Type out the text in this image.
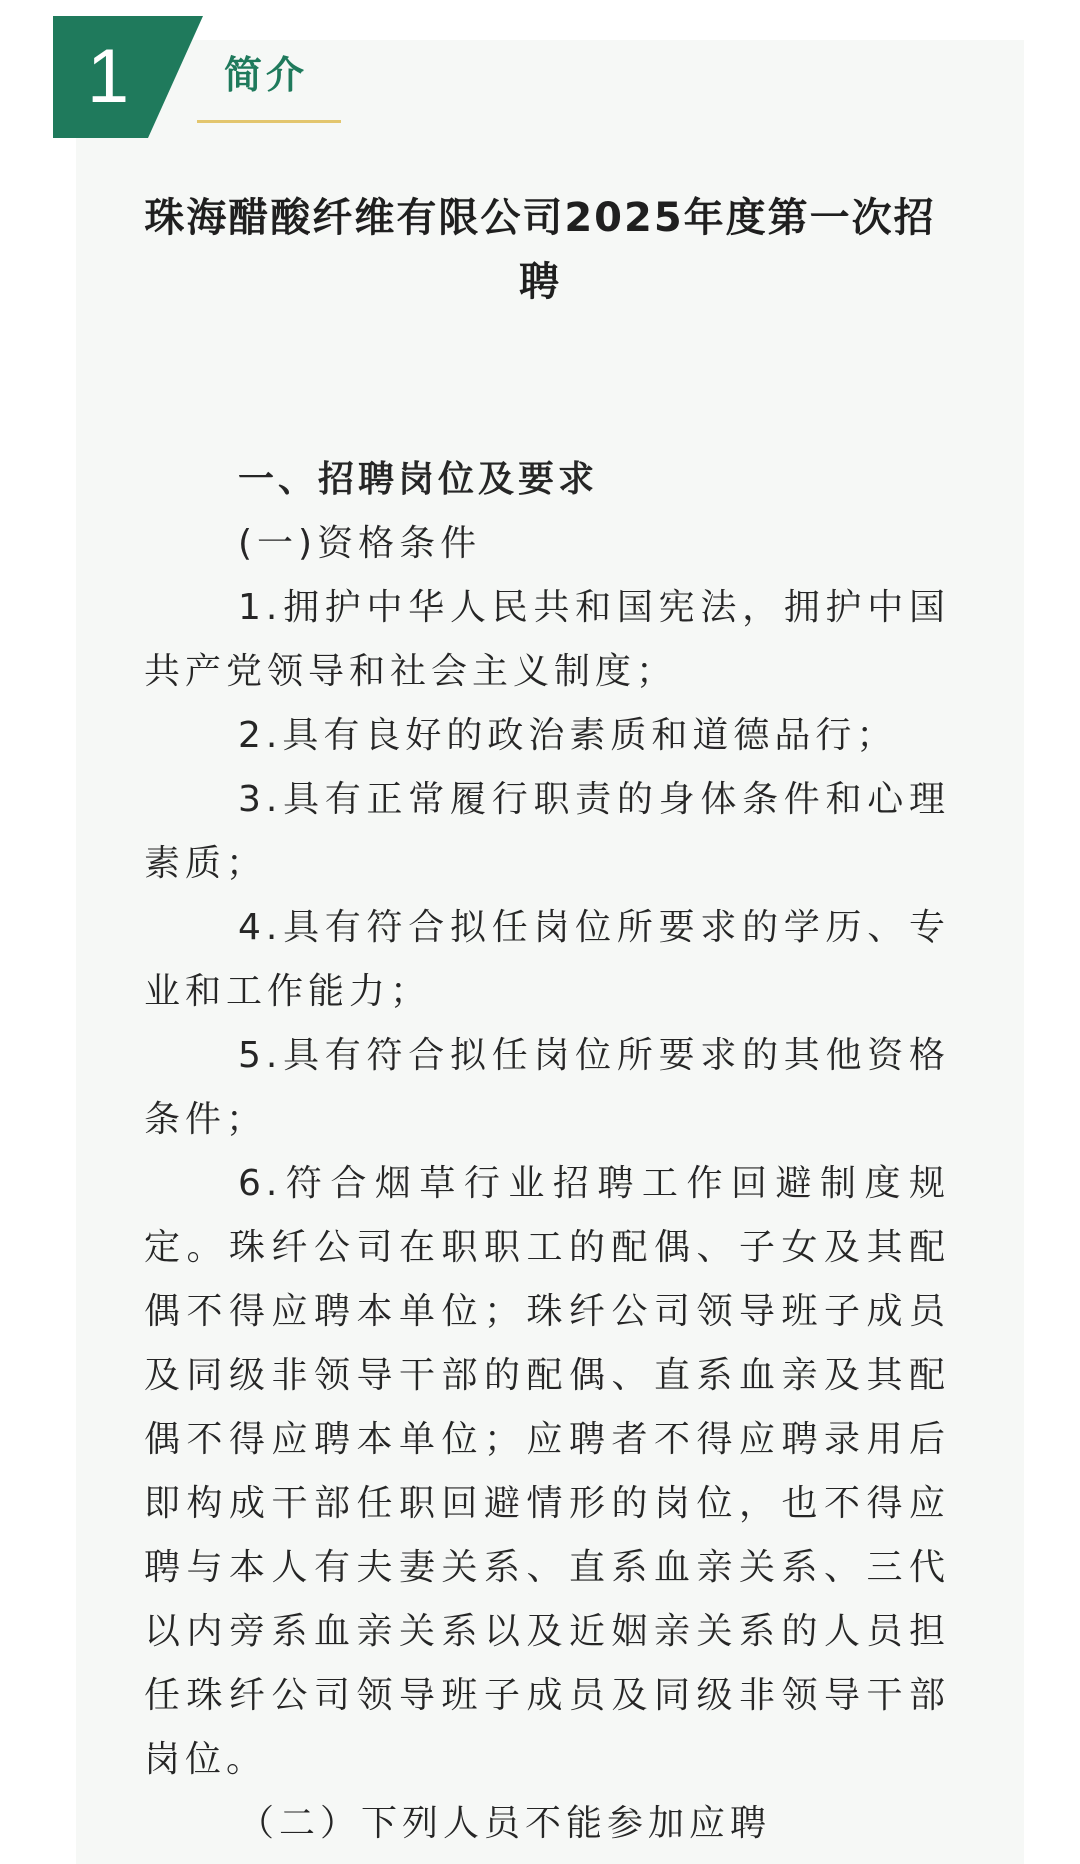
1	简介
珠海醋酸纤维有限公司2025年度第一次招聘

一、招聘岗位及要求

(一)资格条件

1.拥护中华人民共和国宪法，拥护中国共产党领导和社会主义制度；

2.具有良好的政治素质和道德品行；

3.具有正常履行职责的身体条件和心理素质；

4.具有符合拟任岗位所要求的学历、专业和工作能力；

5.具有符合拟任岗位所要求的其他资格条件；

6.符合烟草行业招聘工作回避制度规定。珠纤公司在职职工的配偶、子女及其配偶不得应聘本单位；珠纤公司领导班子成员及同级非领导干部的配偶、直系血亲及其配偶不得应聘本单位；应聘者不得应聘录用后即构成干部任职回避情形的岗位，也不得应聘与本人有夫妻关系、直系血亲关系、三代以内旁系血亲关系以及近姻亲关系的人员担任珠纤公司领导班子成员及同级非领导干部岗位。

（二）下列人员不能参加应聘
